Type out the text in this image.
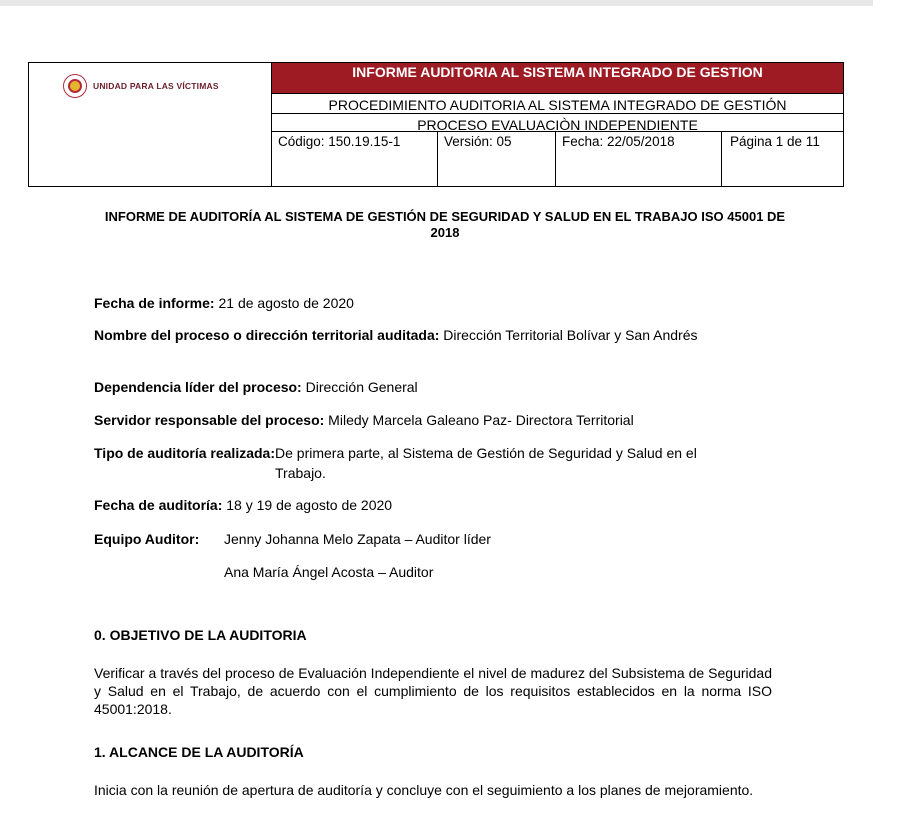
UNIDAD PARA LAS VÍCTIMAS
INFORME AUDITORIA AL SISTEMA INTEGRADO DE GESTION
PROCEDIMIENTO AUDITORIA AL SISTEMA INTEGRADO DE GESTIÓN
PROCESO EVALUACIÒN INDEPENDIENTE
Código: 150.19.15-1	Versión: 05	Fecha: 22/05/2018	Página 1 de 11
INFORME DE AUDITORÍA AL SISTEMA DE GESTIÓN DE SEGURIDAD Y SALUD EN EL TRABAJO ISO 45001 DE 2018
Fecha de informe: 21 de agosto de 2020
Nombre del proceso o dirección territorial auditada: Dirección Territorial Bolívar y San Andrés
Dependencia líder del proceso: Dirección General
Servidor responsable del proceso: Miledy Marcela Galeano Paz- Directora Territorial
Tipo de auditoría realizada: De primera parte, al Sistema de Gestión de Seguridad y Salud en el Trabajo.
Fecha de auditoría: 18 y 19 de agosto de 2020
Equipo Auditor: Jenny Johanna Melo Zapata – Auditor líder
Ana María Ángel Acosta – Auditor
0. OBJETIVO DE LA AUDITORIA
Verificar a través del proceso de Evaluación Independiente el nivel de madurez del Subsistema de Seguridad y Salud en el Trabajo, de acuerdo con el cumplimiento de los requisitos establecidos en la norma ISO 45001:2018.
1. ALCANCE DE LA AUDITORÍA
Inicia con la reunión de apertura de auditoría y concluye con el seguimiento a los planes de mejoramiento.
